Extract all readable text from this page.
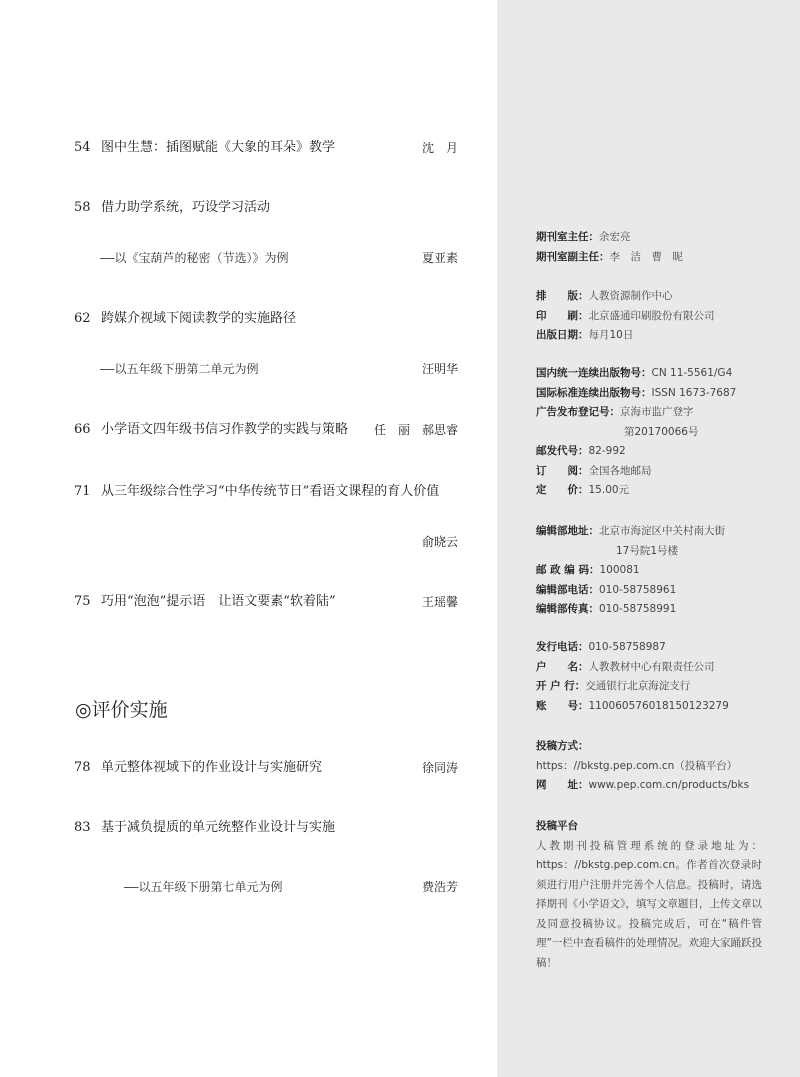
54 图中生慧：插图赋能《大象的耳朵》教学	沈　月
58 借力助学系统，巧设学习活动
——以《宝葫芦的秘密（节选）》为例	夏亚素
62 跨媒介视域下阅读教学的实施路径
——以五年级下册第二单元为例	汪明华
66 小学语文四年级书信习作教学的实践与策略 任　丽　郝思睿
71 从三年级综合性学习“中华传统节日”看语文课程的育人价值
俞晓云
75 巧用“泡泡”提示语　让语文要素“软着陆”	王瑶馨
◎评价实施
78 单元整体视域下的作业设计与实施研究	徐同涛
83 基于减负提质的单元统整作业设计与实施
——以五年级下册第七单元为例	费浩芳
期刊室主任：余宏亮
期刊室副主任：李　洁　曹　昵
排　　版：人教资源制作中心
印　　刷：北京盛通印刷股份有限公司
出版日期：每月10日
国内统一连续出版物号：CN 11-5561/G4
国际标准连续出版物号：ISSN 1673-7687
广告发布登记号：京海市监广登字
第20170066号
邮发代号：82-992
订　　阅：全国各地邮局
定　　价：15.00元
编辑部地址：北京市海淀区中关村南大街
17号院1号楼
邮 政 编 码：100081
编辑部电话：010-58758961
编辑部传真：010-58758991
发行电话：010-58758987
户　　名：人教教材中心有限责任公司
开 户 行：交通银行北京海淀支行
账　　号：110060576018150123279
投稿方式：
https：//bkstg.pep.com.cn（投稿平台）
网　　址：www.pep.com.cn/products/bks
投稿平台
人教期刊投稿管理系统的登录地址为：https：//bkstg.pep.com.cn。作者首次登录时须进行用户注册并完善个人信息。投稿时，请选择期刊《小学语文》，填写文章题目，上传文章以及同意投稿协议。投稿完成后，可在“稿件管理”一栏中查看稿件的处理情况。欢迎大家踊跃投稿！
